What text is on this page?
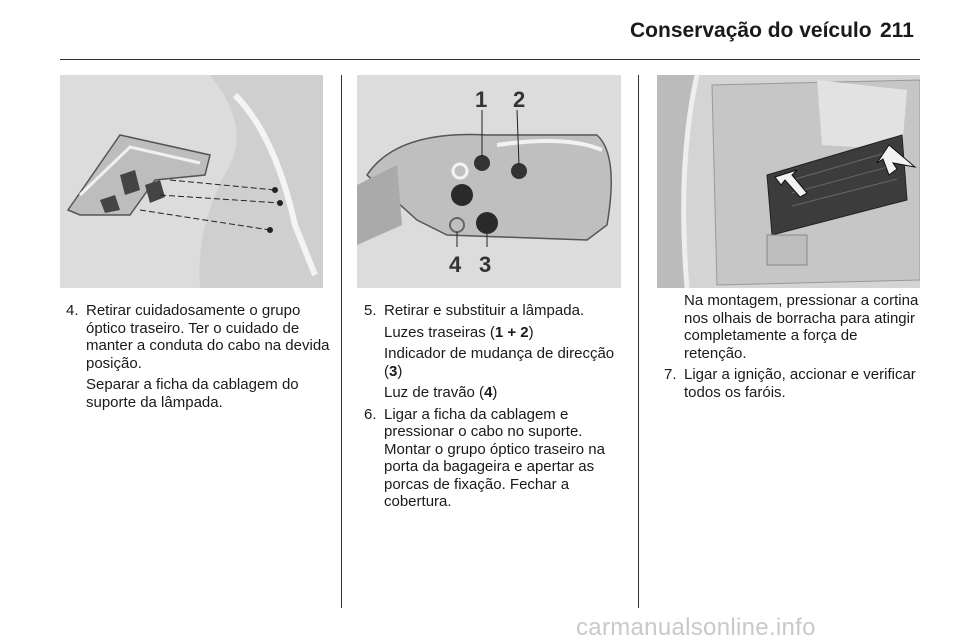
Conservação do veículo 211
1 2
4 3
4. Retirar cuidadosamente o grupo óptico traseiro. Ter o cuidado de manter a conduta do cabo na devida posição.
Separar a ficha da cablagem do suporte da lâmpada.
5. Retirar e substituir a lâmpada.
Luzes traseiras (1 + 2)
Indicador de mudança de direcção (3)
Luz de travão (4)
6. Ligar a ficha da cablagem e pressionar o cabo no suporte. Montar o grupo óptico traseiro na porta da bagageira e apertar as porcas de fixação. Fechar a cobertura.
Na montagem, pressionar a cortina nos olhais de borracha para atingir completamente a força de retenção.
7. Ligar a ignição, accionar e verificar todos os faróis.
carmanualsonline.info
